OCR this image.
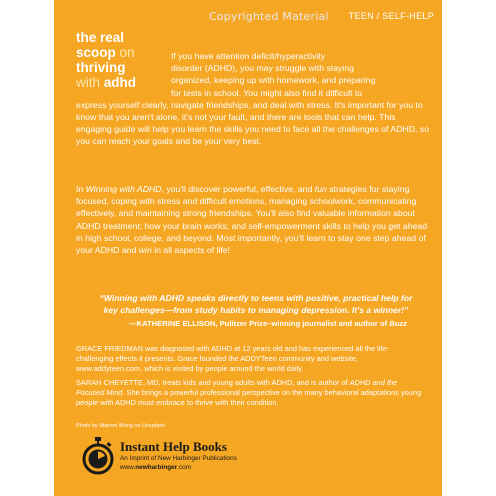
Copyrighted Material TEEN / SELF-HELP
the real
scoop on
thriving
with adhd
If you have attention deficit/hyperactivity
disorder (ADHD), you may struggle with staying
organized, keeping up with homework, and preparing
for tests in school. You might also find it difficult to
express yourself clearly, navigate friendships, and deal with stress. It's important for you to know that you aren't alone, it's not your fault, and there are tools that can help. This engaging guide will help you learn the skills you need to face all the challenges of ADHD, so you can reach your goals and be your very best.
In Winning with ADHD, you'll discover powerful, effective, and fun strategies for staying focused, coping with stress and difficult emotions, managing schoolwork, communicating effectively, and maintaining strong friendships. You'll also find valuable information about ADHD treatment; how your brain works; and self-empowerment skills to help you get ahead in high school, college, and beyond. Most importantly, you'll learn to stay one step ahead of your ADHD and win in all aspects of life!
“Winning with ADHD speaks directly to teens with positive, practical help for key challenges—from study habits to managing depression. It's a winner!”
—KATHERINE ELLISON, Pulitzer Prize–winning journalist and author of Buzz
GRACE FRIEDMAN was diagnosed with ADHD at 12 years old and has experienced all the life-challenging effects it presents. Grace founded the ADDYTeen community and website, www.addyteen.com, which is visited by people around the world daily.
SARAH CHEYETTE, MD, treats kids and young adults with ADHD, and is author of ADHD and the Focused Mind. She brings a powerful professional perspective on the many behavioral adaptations young people with ADHD must embrace to thrive with their condition.
Photo by Warren Wong on Unsplash
Instant Help Books
An Imprint of New Harbinger Publications
www.newharbinger.com
